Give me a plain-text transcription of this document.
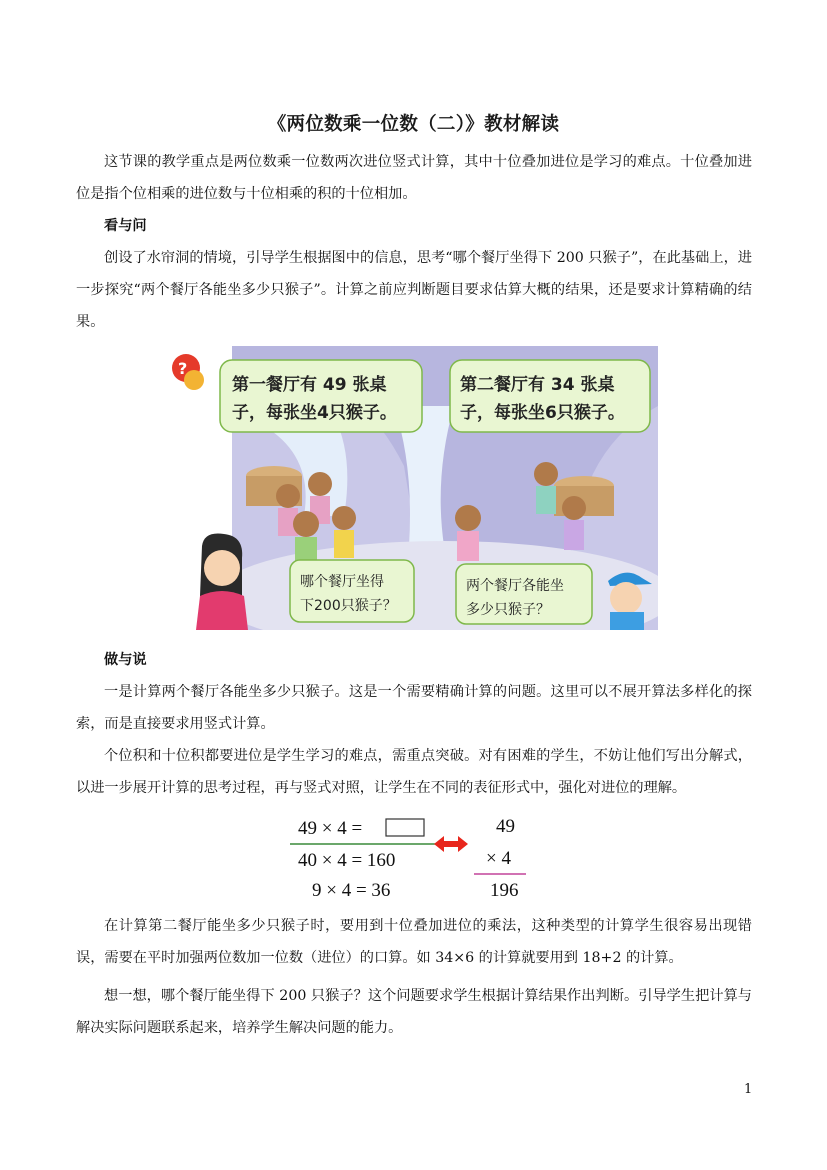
《两位数乘一位数（二）》教材解读

这节课的教学重点是两位数乘一位数两次进位竖式计算，其中十位叠加进位是学习的难点。十位叠加进位是指个位相乘的进位数与十位相乘的积的十位相加。

看与问

创设了水帘洞的情境，引导学生根据图中的信息，思考“哪个餐厅坐得下 200 只猴子”，在此基础上，进一步探究“两个餐厅各能坐多少只猴子”。计算之前应判断题目要求估算大概的结果，还是要求计算精确的结果。

?
第一餐厅有 49 张桌
子，每张坐4只猴子。
第二餐厅有 34 张桌
子，每张坐6只猴子。
哪个餐厅坐得
下200只猴子？
两个餐厅各能坐
多少只猴子？

做与说

一是计算两个餐厅各能坐多少只猴子。这是一个需要精确计算的问题。这里可以不展开算法多样化的探索，而是直接要求用竖式计算。

个位积和十位积都要进位是学生学习的难点，需重点突破。对有困难的学生，不妨让他们写出分解式，以进一步展开计算的思考过程，再与竖式对照，让学生在不同的表征形式中，强化对进位的理解。

49 × 4 =
40 × 4 = 160
9 × 4 = 36
49
× 4
196

在计算第二餐厅能坐多少只猴子时，要用到十位叠加进位的乘法，这种类型的计算学生很容易出现错误，需要在平时加强两位数加一位数（进位）的口算。如 34×6 的计算就要用到 18+2 的计算。

想一想，哪个餐厅能坐得下 200 只猴子？这个问题要求学生根据计算结果作出判断。引导学生把计算与解决实际问题联系起来，培养学生解决问题的能力。

1
